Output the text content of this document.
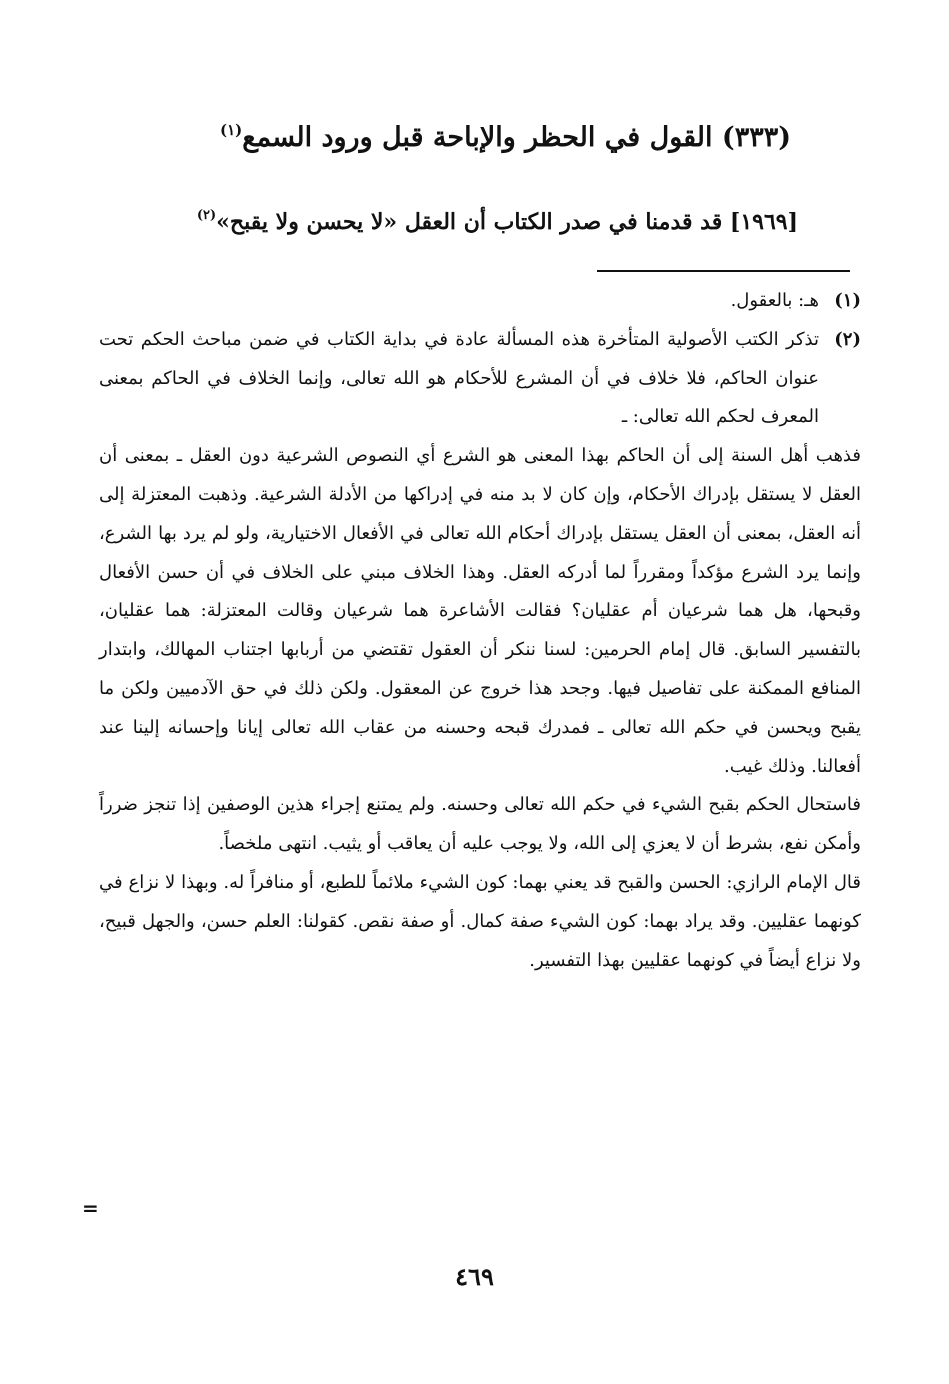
(٣٣٣) القول في الحظر والإباحة قبل ورود السمع$^{(١)}$
[١٩٦٩] قد قدمنا في صدر الكتاب أن العقل «لا يحسن ولا يقبح»$^{(٢)}$
(١)

هـ: بالعقول.

(٢)

تذكر الكتب الأصولية المتأخرة هذه المسألة عادة في بداية الكتاب في ضمن مباحث الحكم تحت عنوان الحاكم، فلا خلاف في أن المشرع للأحكام هو الله تعالى، وإنما الخلاف في الحاكم بمعنى المعرف لحكم الله تعالى: ـ

فذهب أهل السنة إلى أن الحاكم بهذا المعنى هو الشرع أي النصوص الشرعية دون العقل ـ بمعنى أن العقل لا يستقل بإدراك الأحكام، وإن كان لا بد منه في إدراكها من الأدلة الشرعية. وذهبت المعتزلة إلى أنه العقل، بمعنى أن العقل يستقل بإدراك أحكام الله تعالى في الأفعال الاختيارية، ولو لم يرد بها الشرع، وإنما يرد الشرع مؤكداً ومقرراً لما أدركه العقل. وهذا الخلاف مبني على الخلاف في أن حسن الأفعال وقبحها، هل هما شرعيان أم عقليان؟ فقالت الأشاعرة هما شرعيان وقالت المعتزلة: هما عقليان، بالتفسير السابق. قال إمام الحرمين: لسنا ننكر أن العقول تقتضي من أربابها اجتناب المهالك، وابتدار المنافع الممكنة على تفاصيل فيها. وجحد هذا خروج عن المعقول. ولكن ذلك في حق الآدميين ولكن ما يقبح ويحسن في حكم الله تعالى ـ فمدرك قبحه وحسنه من عقاب الله تعالى إيانا وإحسانه إلينا عند أفعالنا. وذلك غيب.

فاستحال الحكم بقبح الشيء في حكم الله تعالى وحسنه. ولم يمتنع إجراء هذين الوصفين إذا تنجز ضرراً وأمكن نفع، بشرط أن لا يعزي إلى الله، ولا يوجب عليه أن يعاقب أو يثيب. انتهى ملخصاً.

قال الإمام الرازي: الحسن والقبح قد يعني بهما: كون الشيء ملائماً للطبع، أو منافراً له. وبهذا لا نزاع في كونهما عقليين. وقد يراد بهما: كون الشيء صفة كمال. أو صفة نقص. كقولنا: العلم حسن، والجهل قبيح، ولا نزاع أيضاً في كونهما عقليين بهذا التفسير.

=
٤٦٩
